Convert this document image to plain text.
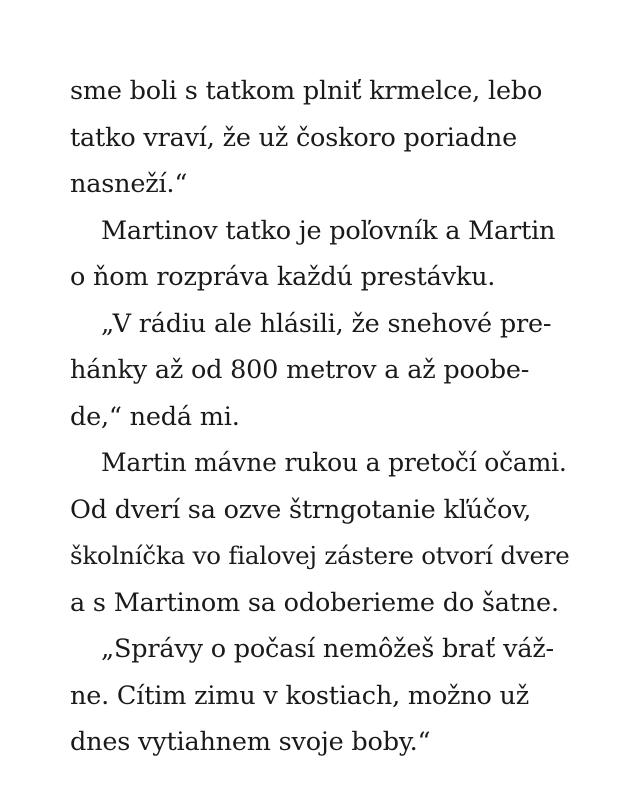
sme boli s tatkom plniť krmelce, lebo
tatko vraví, že už čoskoro poriadne
nasneží.“
Martinov tatko je poľovník a Martin
o ňom rozpráva každú prestávku.
„V rádiu ale hlásili, že snehové pre-
hánky až od 800 metrov a až poobe-
de,“ nedá mi.
Martin mávne rukou a pretočí očami.
Od dverí sa ozve štrngotanie kľúčov,
školníčka vo fialovej zástere otvorí dvere
a s Martinom sa odoberieme do šatne.
„Správy o počasí nemôžeš brať váž-
ne. Cítim zimu v kostiach, možno už
dnes vytiahnem svoje boby.“
